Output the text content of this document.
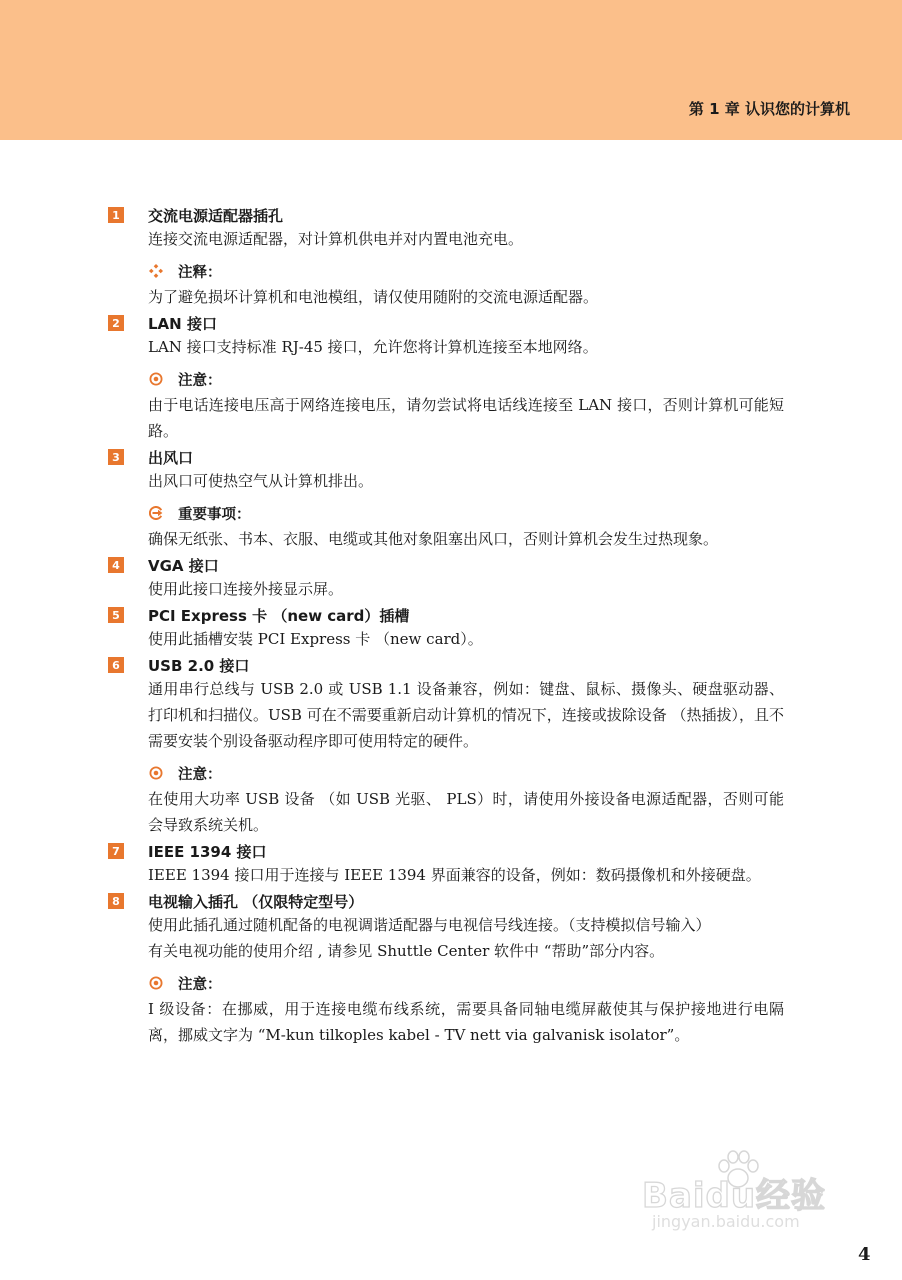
第 1 章 认识您的计算机
1 交流电源适配器插孔
连接交流电源适配器，对计算机供电并对内置电池充电。
注释：
为了避免损坏计算机和电池模组，请仅使用随附的交流电源适配器。
2 LAN 接口
LAN 接口支持标准 RJ-45 接口，允许您将计算机连接至本地网络。
注意：
由于电话连接电压高于网络连接电压，请勿尝试将电话线连接至 LAN 接口，否则计算机可能短路。
3 出风口
出风口可使热空气从计算机排出。
重要事项：
确保无纸张、书本、衣服、电缆或其他对象阻塞出风口，否则计算机会发生过热现象。
4 VGA 接口
使用此接口连接外接显示屏。
5 PCI Express 卡 （new card）插槽
使用此插槽安装 PCI Express 卡 （new card）。
6 USB 2.0 接口
通用串行总线与 USB 2.0 或 USB 1.1 设备兼容，例如：键盘、鼠标、摄像头、硬盘驱动器、打印机和扫描仪。USB 可在不需要重新启动计算机的情况下，连接或拔除设备 （热插拔），且不需要安装个别设备驱动程序即可使用特定的硬件。
注意：
在使用大功率 USB 设备 （如 USB 光驱、 PLS）时，请使用外接设备电源适配器，否则可能会导致系统关机。
7 IEEE 1394 接口
IEEE 1394 接口用于连接与 IEEE 1394 界面兼容的设备，例如：数码摄像机和外接硬盘。
8 电视输入插孔 （仅限特定型号）
使用此插孔通过随机配备的电视调谐适配器与电视信号线连接。（支持模拟信号输入）
有关电视功能的使用介绍 , 请参见 Shuttle Center 软件中 “帮助”部分内容。
注意：
I 级设备：在挪威，用于连接电缆布线系统，需要具备同轴电缆屏蔽使其与保护接地进行电隔离，挪威文字为 “M-kun tilkoples kabel - TV nett via galvanisk isolator”。
Baidu经验
jingyan.baidu.com
4
